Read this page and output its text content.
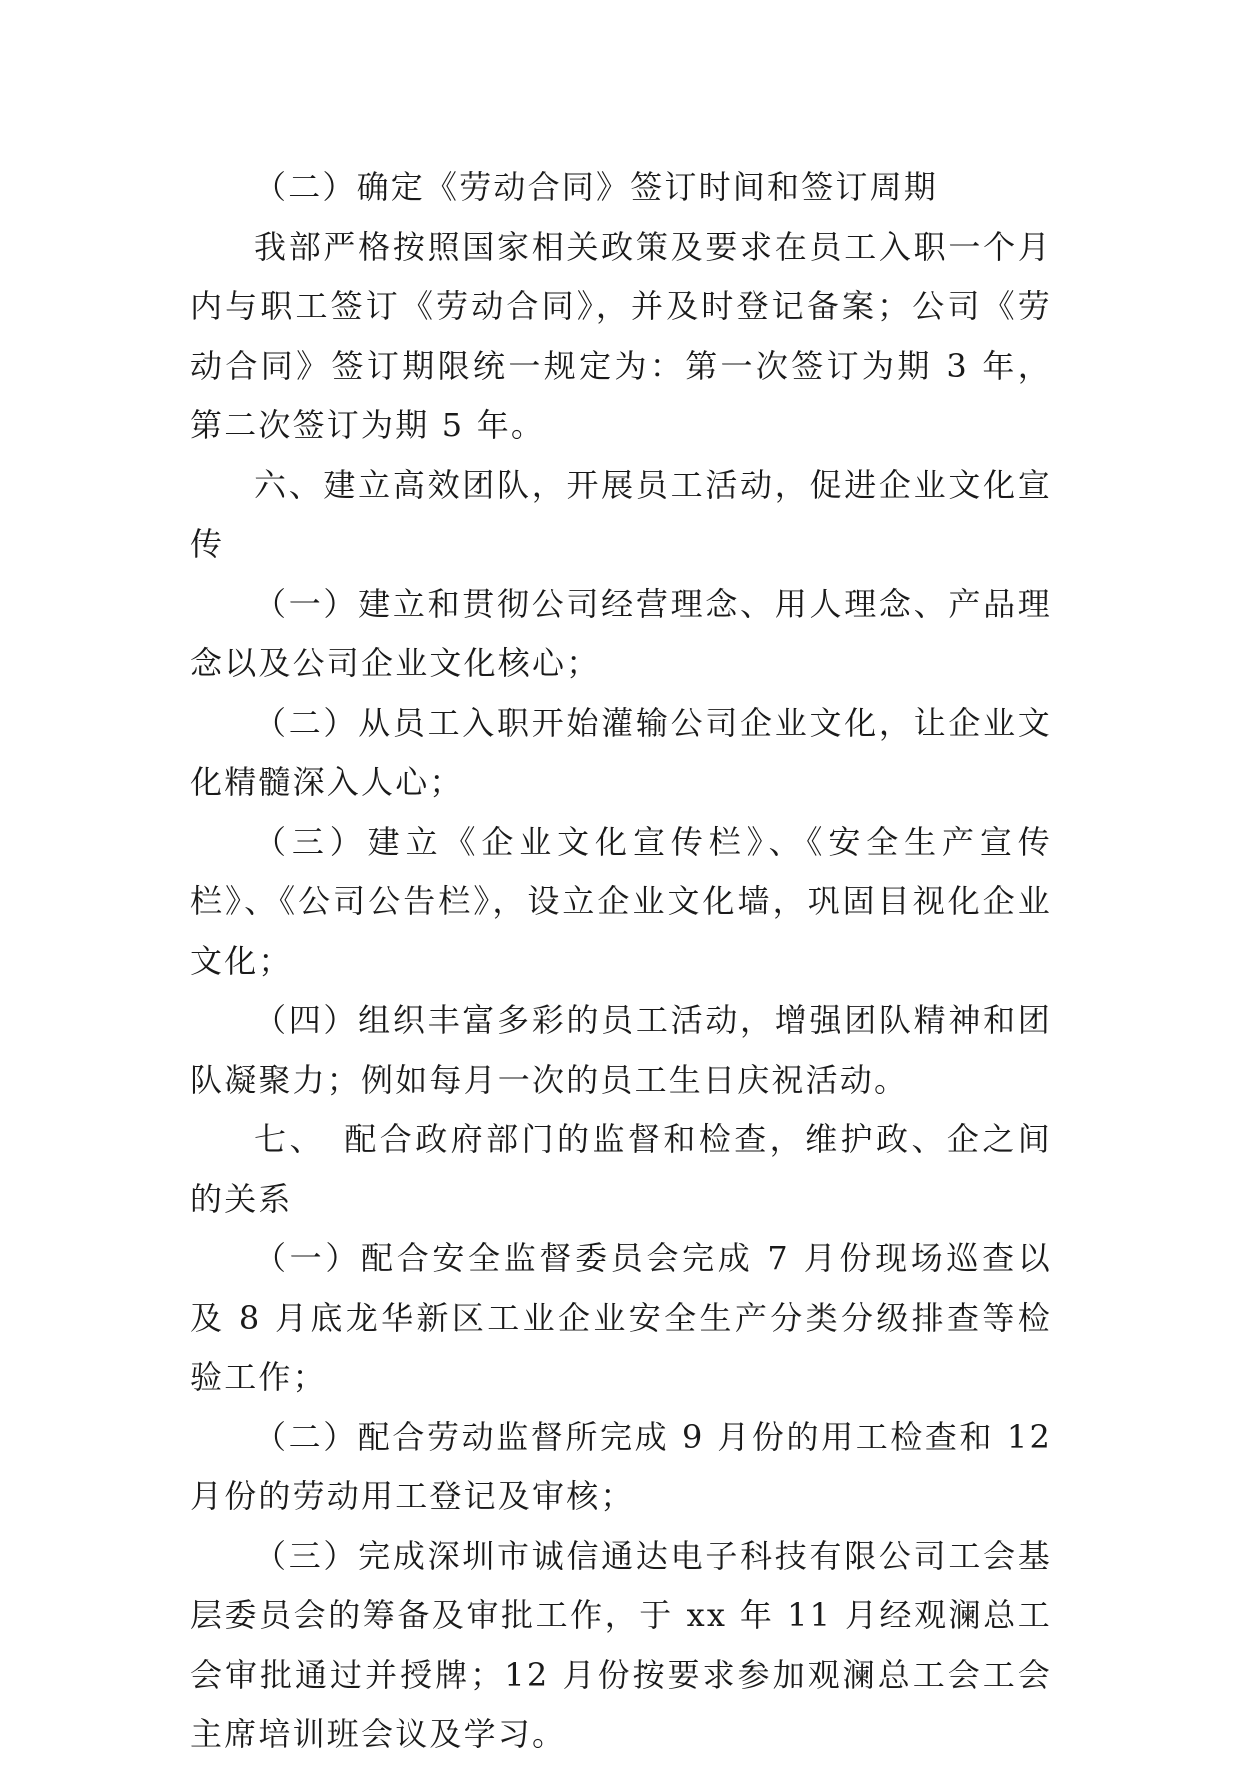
（二）确定《劳动合同》签订时间和签订周期

我部严格按照国家相关政策及要求在员工入职一个月内与职工签订《劳动合同》，并及时登记备案；公司《劳动合同》签订期限统一规定为：第一次签订为期 3 年，第二次签订为期 5 年。

六、建立高效团队，开展员工活动，促进企业文化宣传

（一）建立和贯彻公司经营理念、用人理念、产品理念以及公司企业文化核心；

（二）从员工入职开始灌输公司企业文化，让企业文化精髓深入人心；

（三）建立《企业文化宣传栏》、《安全生产宣传栏》、《公司公告栏》，设立企业文化墙，巩固目视化企业文化；

（四）组织丰富多彩的员工活动，增强团队精神和团队凝聚力；例如每月一次的员工生日庆祝活动。

七、　配合政府部门的监督和检查，维护政、企之间的关系

（一）配合安全监督委员会完成 7 月份现场巡查以及 8 月底龙华新区工业企业安全生产分类分级排查等检验工作；

（二）配合劳动监督所完成 9 月份的用工检查和 12 月份的劳动用工登记及审核；

（三）完成深圳市诚信通达电子科技有限公司工会基层委员会的筹备及审批工作，于 xx 年 11 月经观澜总工会审批通过并授牌；12 月份按要求参加观澜总工会工会主席培训班会议及学习。
